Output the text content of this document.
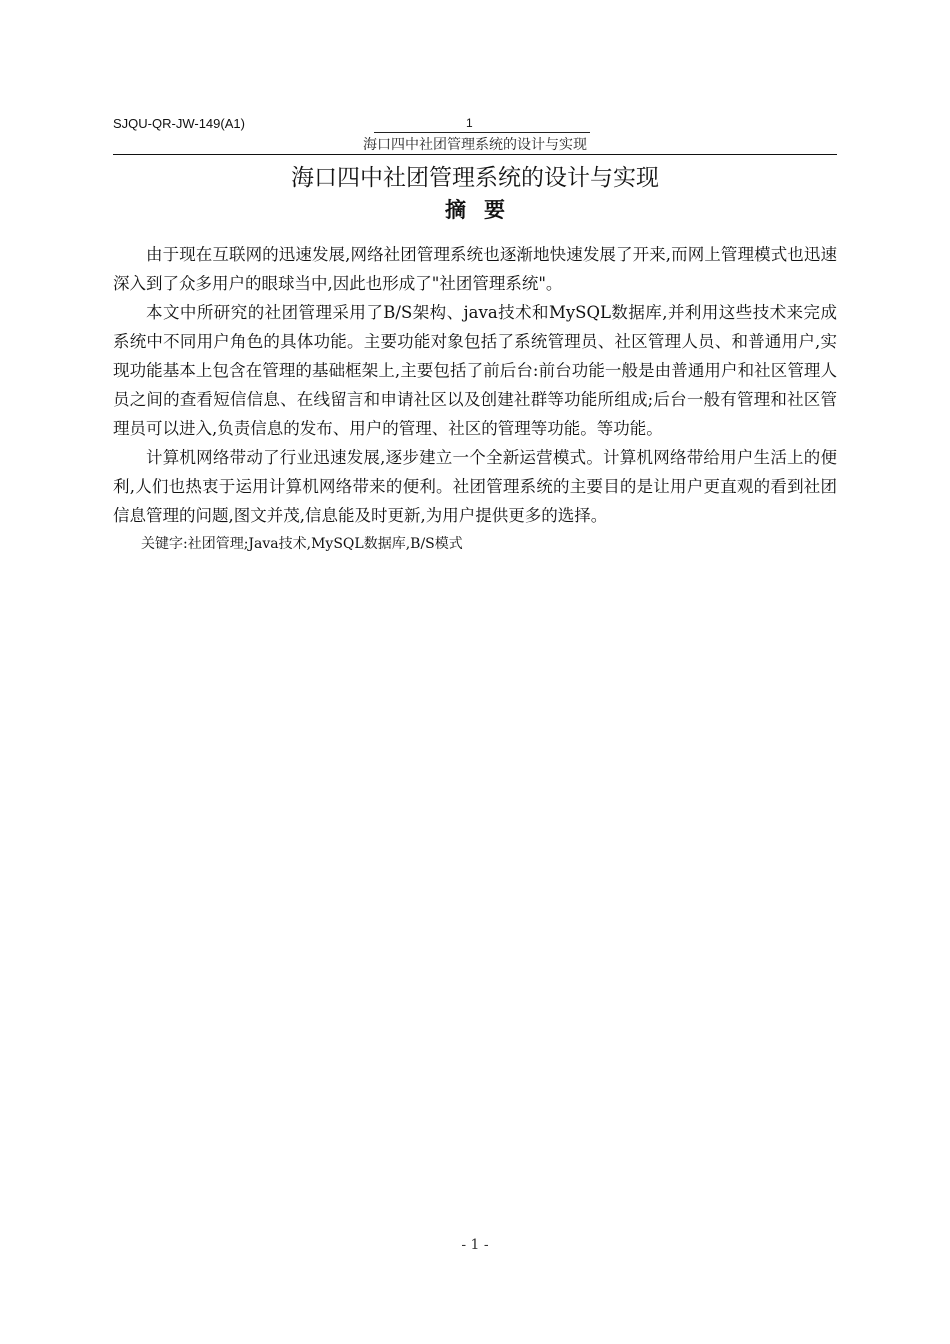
SJQU-QR-JW-149(A1)	1
海口四中社团管理系统的设计与实现
海口四中社团管理系统的设计与实现
摘要

由于现在互联网的迅速发展,网络社团管理系统也逐渐地快速发展了开来,而网上管理模式也迅速深入到了众多用户的眼球当中,因此也形成了"社团管理系统"。

本文中所研究的社团管理采用了B/S架构、java技术和MySQL数据库,并利用这些技术来完成系统中不同用户角色的具体功能。主要功能对象包括了系统管理员、社区管理人员、和普通用户,实现功能基本上包含在管理的基础框架上,主要包括了前后台:前台功能一般是由普通用户和社区管理人员之间的查看短信信息、在线留言和申请社区以及创建社群等功能所组成;后台一般有管理和社区管理员可以进入,负责信息的发布、用户的管理、社区的管理等功能。等功能。

计算机网络带动了行业迅速发展,逐步建立一个全新运营模式。计算机网络带给用户生活上的便利,人们也热衷于运用计算机网络带来的便利。社团管理系统的主要目的是让用户更直观的看到社团信息管理的问题,图文并茂,信息能及时更新,为用户提供更多的选择。

关键字:社团管理;Java技术,MySQL数据库,B/S模式

- 1 -
